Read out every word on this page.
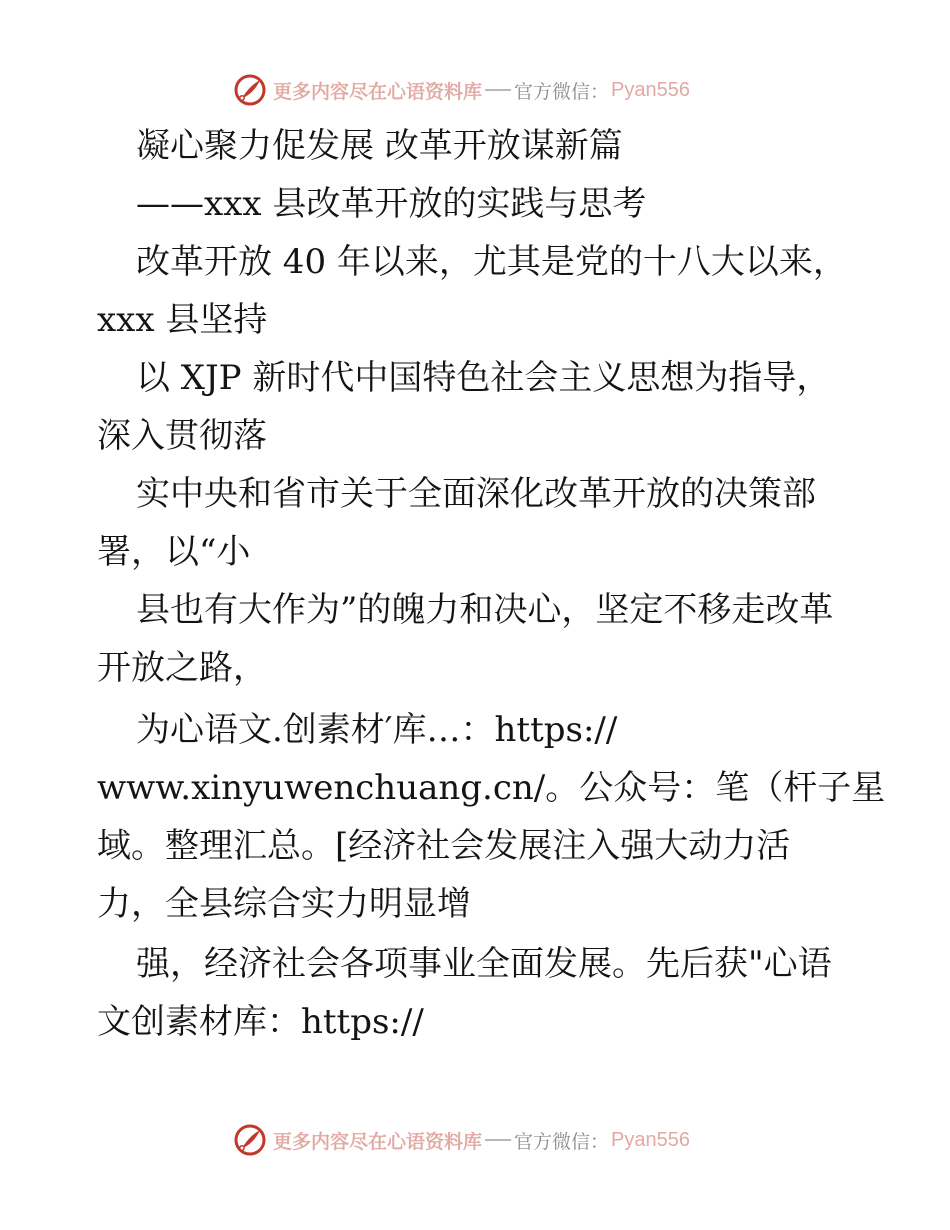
更多内容尽在心语资料库 官方微信： Pyan556
凝心聚力促发展 改革开放谋新篇
——xxx 县改革开放的实践与思考
改革开放 40 年以来，尤其是党的十八大以来，
xxx 县坚持
以 XJP 新时代中国特色社会主义思想为指导，
深入贯彻落
实中央和省市关于全面深化改革开放的决策部
署，以“小
县也有大作为”的魄力和决心，坚定不移走改革
开放之路，
为心语文.创素材′库…：https://
www.xinyuwenchuang.cn/。公众号：笔（杆子星
域。整理汇总。[经济社会发展注入强大动力活
力，全县综合实力明显增
强，经济社会各项事业全面发展。先后获"心语
文创素材库：https://
更多内容尽在心语资料库 官方微信： Pyan556
